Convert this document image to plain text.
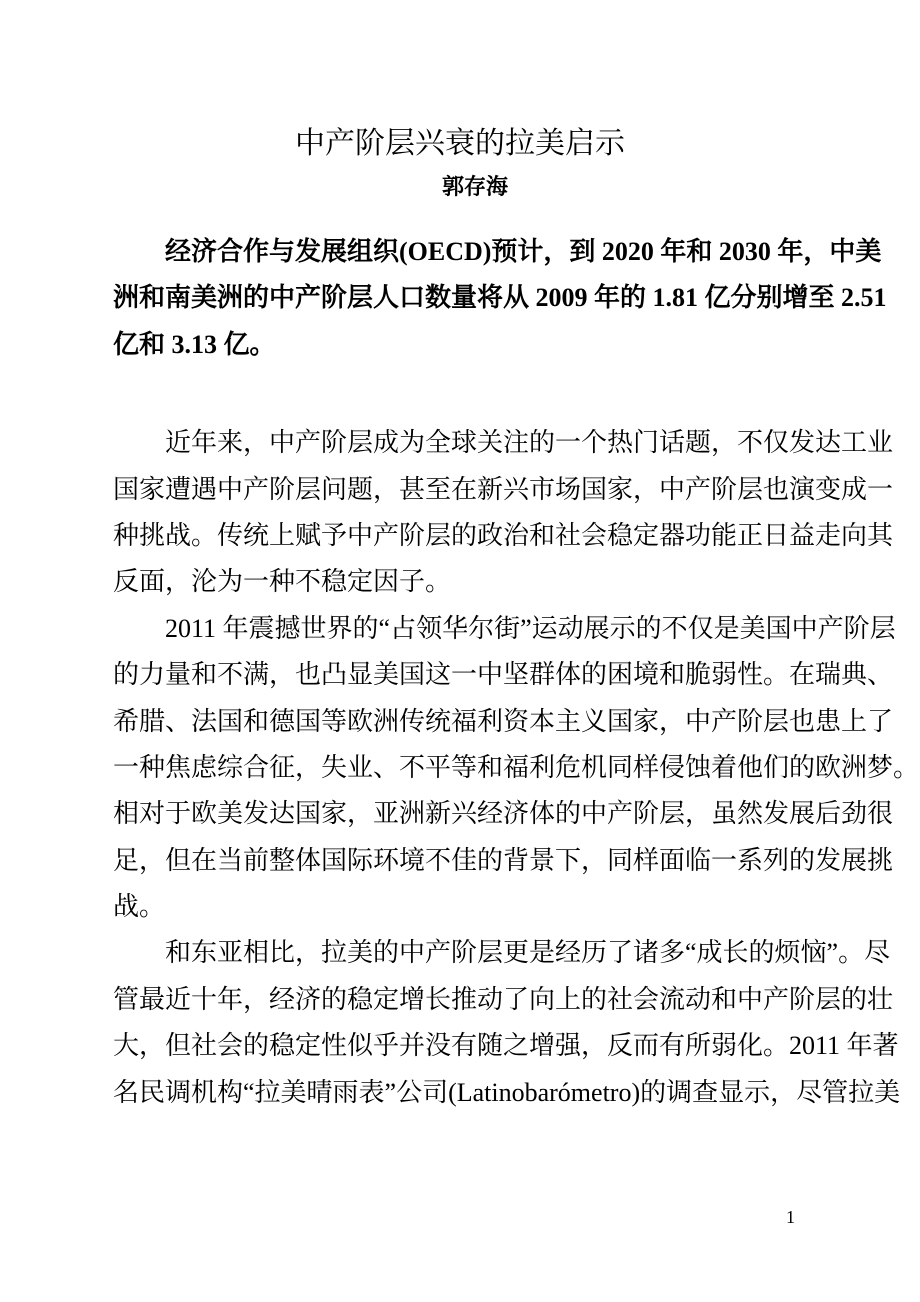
中产阶层兴衰的拉美启示
郭存海
经济合作与发展组织(OECD)预计，到 2020 年和 2030 年，中美
洲和南美洲的中产阶层人口数量将从 2009 年的 1.81 亿分别增至 2.51
亿和 3.13 亿。
近年来，中产阶层成为全球关注的一个热门话题，不仅发达工业
国家遭遇中产阶层问题，甚至在新兴市场国家，中产阶层也演变成一
种挑战。传统上赋予中产阶层的政治和社会稳定器功能正日益走向其
反面，沦为一种不稳定因子。
2011 年震撼世界的“占领华尔街”运动展示的不仅是美国中产阶层
的力量和不满，也凸显美国这一中坚群体的困境和脆弱性。在瑞典、
希腊、法国和德国等欧洲传统福利资本主义国家，中产阶层也患上了
一种焦虑综合征，失业、不平等和福利危机同样侵蚀着他们的欧洲梦。
相对于欧美发达国家，亚洲新兴经济体的中产阶层，虽然发展后劲很
足，但在当前整体国际环境不佳的背景下，同样面临一系列的发展挑
战。
和东亚相比，拉美的中产阶层更是经历了诸多“成长的烦恼”。尽
管最近十年，经济的稳定增长推动了向上的社会流动和中产阶层的壮
大，但社会的稳定性似乎并没有随之增强，反而有所弱化。2011 年著
名民调机构“拉美晴雨表”公司(Latinobarómetro)的调查显示，尽管拉美
1
